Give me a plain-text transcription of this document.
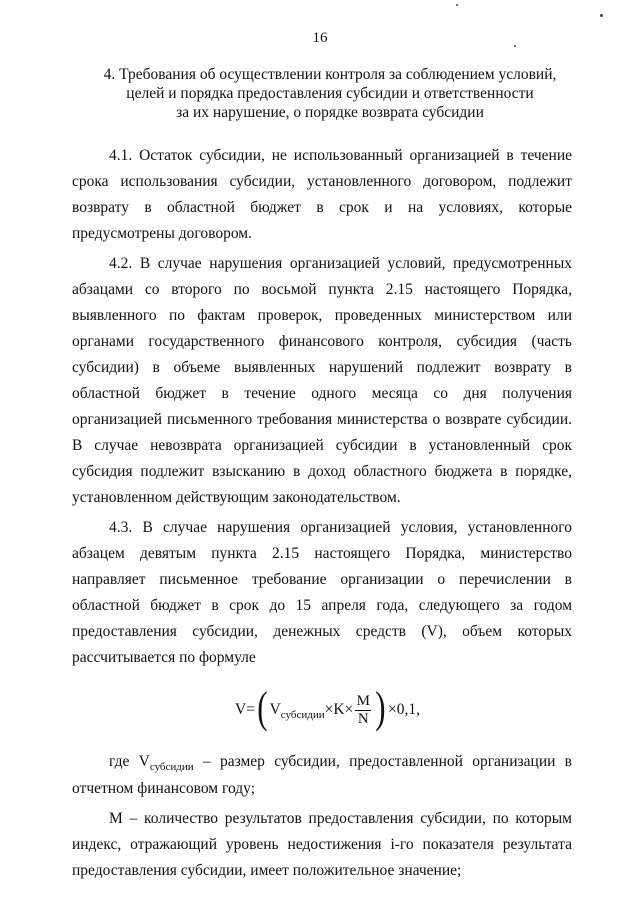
16
4. Требования об осуществлении контроля за соблюдением условий,
целей и порядка предоставления субсидии и ответственности
за их нарушение, о порядке возврата субсидии

4.1. Остаток субсидии, не использованный организацией в течение срока использования субсидии, установленного договором, подлежит возврату в областной бюджет в срок и на условиях, которые предусмотрены договором.

4.2. В случае нарушения организацией условий, предусмотренных абзацами со второго по восьмой пункта 2.15 настоящего Порядка, выявленного по фактам проверок, проведенных министерством или органами государственного финансового контроля, субсидия (часть субсидии) в объеме выявленных нарушений подлежит возврату в областной бюджет в течение одного месяца со дня получения организацией письменного требования министерства о возврате субсидии. В случае невозврата организацией субсидии в установленный срок субсидия подлежит взысканию в доход областного бюджета в порядке, установленном действующим законодательством.

4.3. В случае нарушения организацией условия, установленного абзацем девятым пункта 2.15 настоящего Порядка, министерство направляет письменное требование организации о перечислении в областной бюджет в срок до 15 апреля года, следующего за годом предоставления субсидии, денежных средств (V), объем которых рассчитывается по формуле

V= ( V субсидии $\times K\times \frac{M}{N}$ ) ×0,1,

где $V_{субсидии}$ – размер субсидии, предоставленной организации в отчетном финансовом году;

М – количество результатов предоставления субсидии, по которым индекс, отражающий уровень недостижения i-го показателя результата предоставления субсидии, имеет положительное значение;
